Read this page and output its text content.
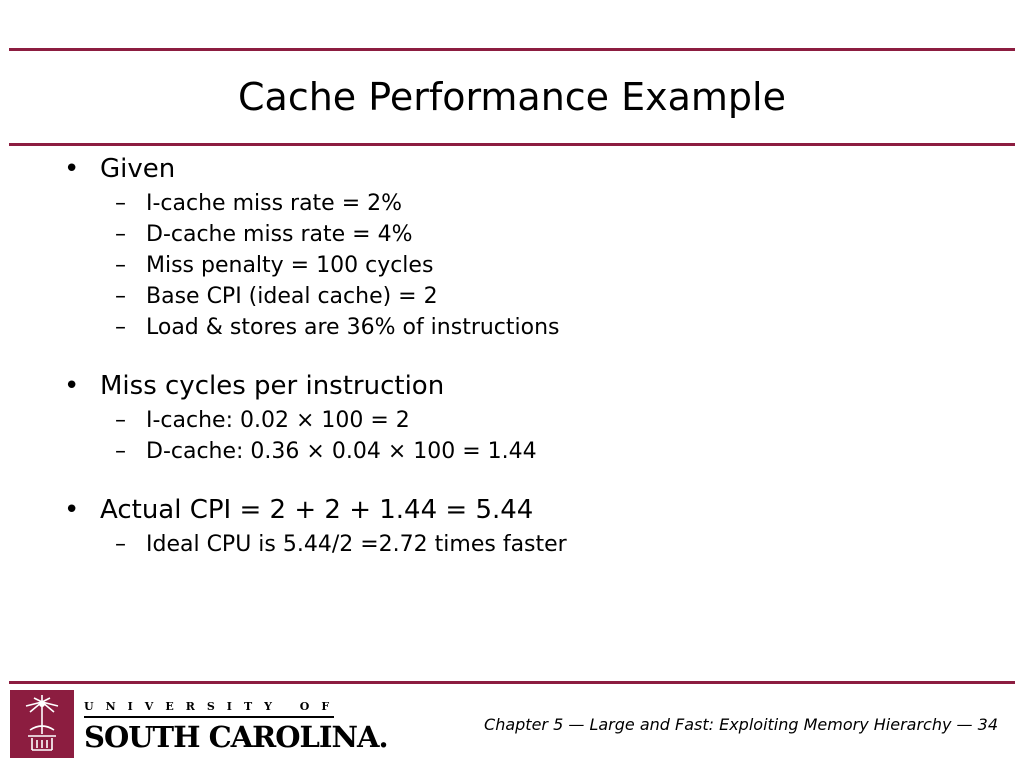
Cache Performance Example
• Given
– I-cache miss rate = 2%
– D-cache miss rate = 4%
– Miss penalty = 100 cycles
– Base CPI (ideal cache) = 2
– Load & stores are 36% of instructions
• Miss cycles per instruction
– I-cache: 0.02 × 100 = 2
– D-cache: 0.36 × 0.04 × 100 = 1.44
• Actual CPI = 2 + 2 + 1.44 = 5.44
– Ideal CPU is 5.44/2 =2.72 times faster
UNIVERSITY OF
SOUTH CAROLINA.	Chapter 5 — Large and Fast: Exploiting Memory Hierarchy — 34
